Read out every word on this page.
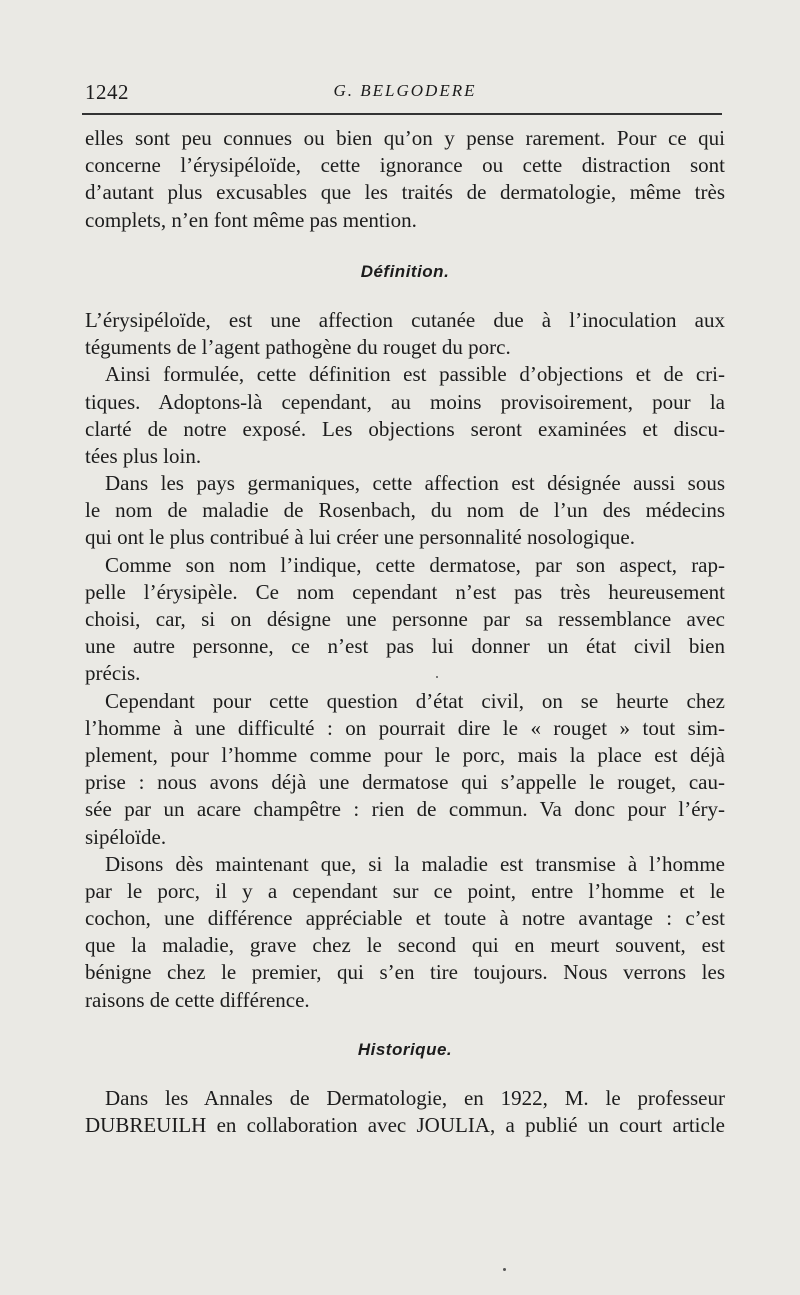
1242	G. BELGODERE
elles sont peu connues ou bien qu’on y pense rarement. Pour ce qui
concerne l’érysipéloïde, cette ignorance ou cette distraction sont
d’autant plus excusables que les traités de dermatologie, même très
complets, n’en font même pas mention.
Définition.
L’érysipéloïde, est une affection cutanée due à l’inoculation aux
téguments de l’agent pathogène du rouget du porc.
Ainsi formulée, cette définition est passible d’objections et de cri-
tiques. Adoptons-là cependant, au moins provisoirement, pour la
clarté de notre exposé. Les objections seront examinées et discu-
tées plus loin.
Dans les pays germaniques, cette affection est désignée aussi sous
le nom de maladie de Rosenbach, du nom de l’un des médecins
qui ont le plus contribué à lui créer une personnalité nosologique.
Comme son nom l’indique, cette dermatose, par son aspect, rap-
pelle l’érysipèle. Ce nom cependant n’est pas très heureusement
choisi, car, si on désigne une personne par sa ressemblance avec
une autre personne, ce n’est pas lui donner un état civil bien
précis.
Cependant pour cette question d’état civil, on se heurte chez
l’homme à une difficulté : on pourrait dire le « rouget » tout sim-
plement, pour l’homme comme pour le porc, mais la place est déjà
prise : nous avons déjà une dermatose qui s’appelle le rouget, cau-
sée par un acare champêtre : rien de commun. Va donc pour l’éry-
sipéloïde.
Disons dès maintenant que, si la maladie est transmise à l’homme
par le porc, il y a cependant sur ce point, entre l’homme et le
cochon, une différence appréciable et toute à notre avantage : c’est
que la maladie, grave chez le second qui en meurt souvent, est
bénigne chez le premier, qui s’en tire toujours. Nous verrons les
raisons de cette différence.
Historique.
Dans les Annales de Dermatologie, en 1922, M. le professeur
DUBREUILH en collaboration avec JOULIA, a publié un court article
